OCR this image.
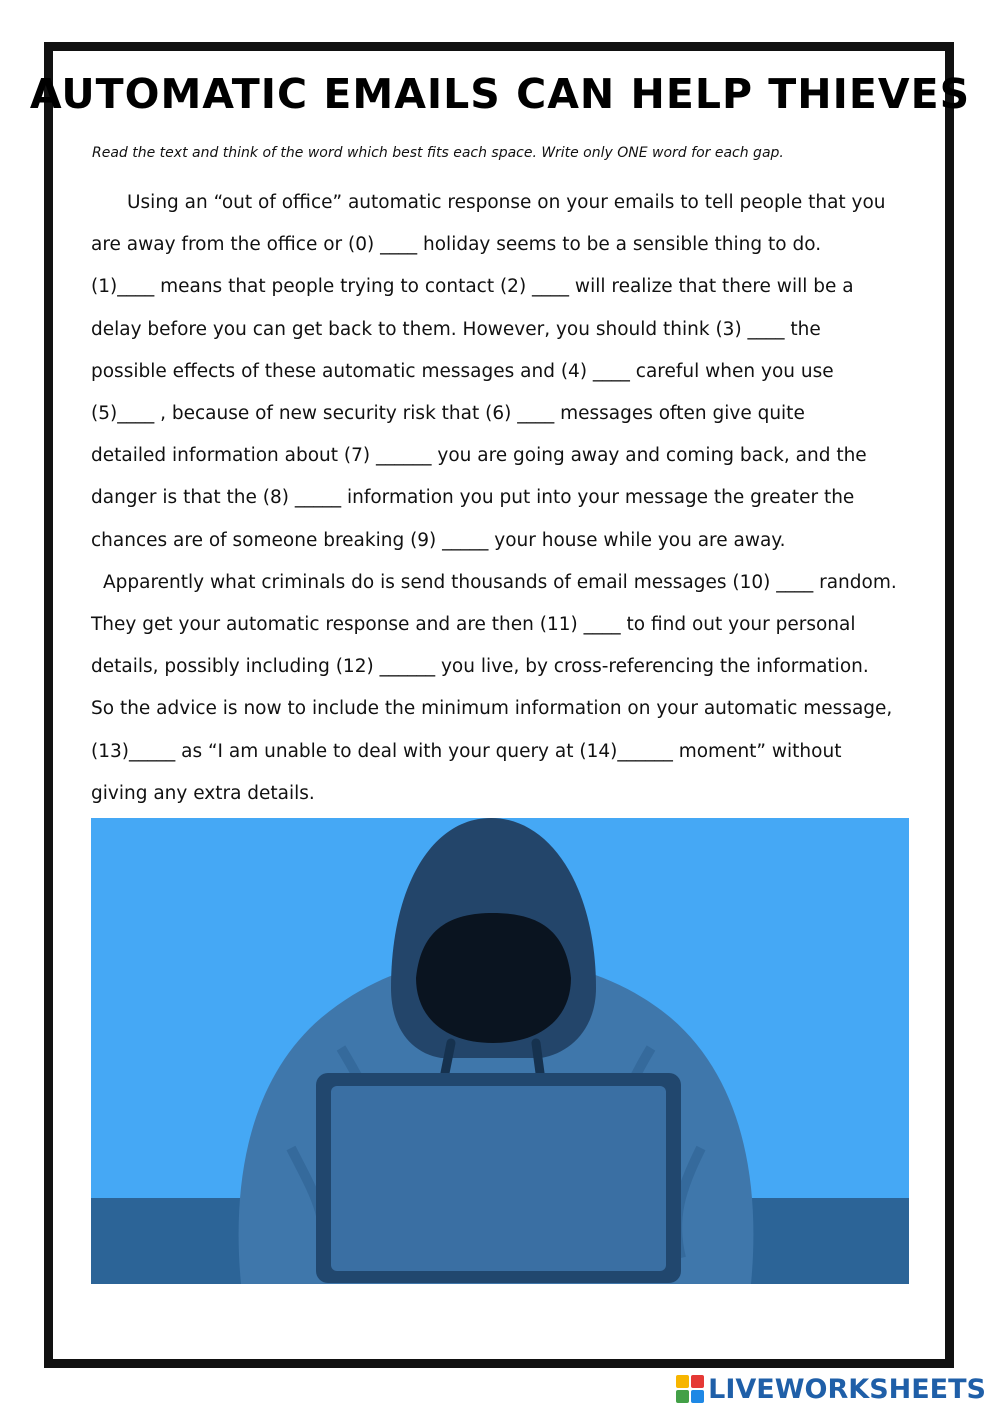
AUTOMATIC EMAILS CAN HELP THIEVES

Read the text and think of the word which best fits each space. Write only ONE word for each gap.

Using an “out of office” automatic response on your emails to tell people that you
are away from the office or (0) ____ holiday seems to be a sensible thing to do.
(1)____ means that people trying to contact (2) ____ will realize that there will be a
delay before you can get back to them. However, you should think (3) ____ the
possible effects of these automatic messages and (4) ____ careful when you use
(5)____ , because of new security risk that (6) ____ messages often give quite
detailed information about (7) ______ you are going away and coming back, and the
danger is that the (8) _____ information you put into your message the greater the
chances are of someone breaking (9) _____ your house while you are away.
Apparently what criminals do is send thousands of email messages (10) ____ random.
They get your automatic response and are then (11) ____ to find out your personal
details, possibly including (12) ______ you live, by cross-referencing the information.
So the advice is now to include the minimum information on your automatic message,
(13)_____ as “I am unable to deal with your query at (14)______ moment” without
giving any extra details.
LIVEWORKSHEETS
